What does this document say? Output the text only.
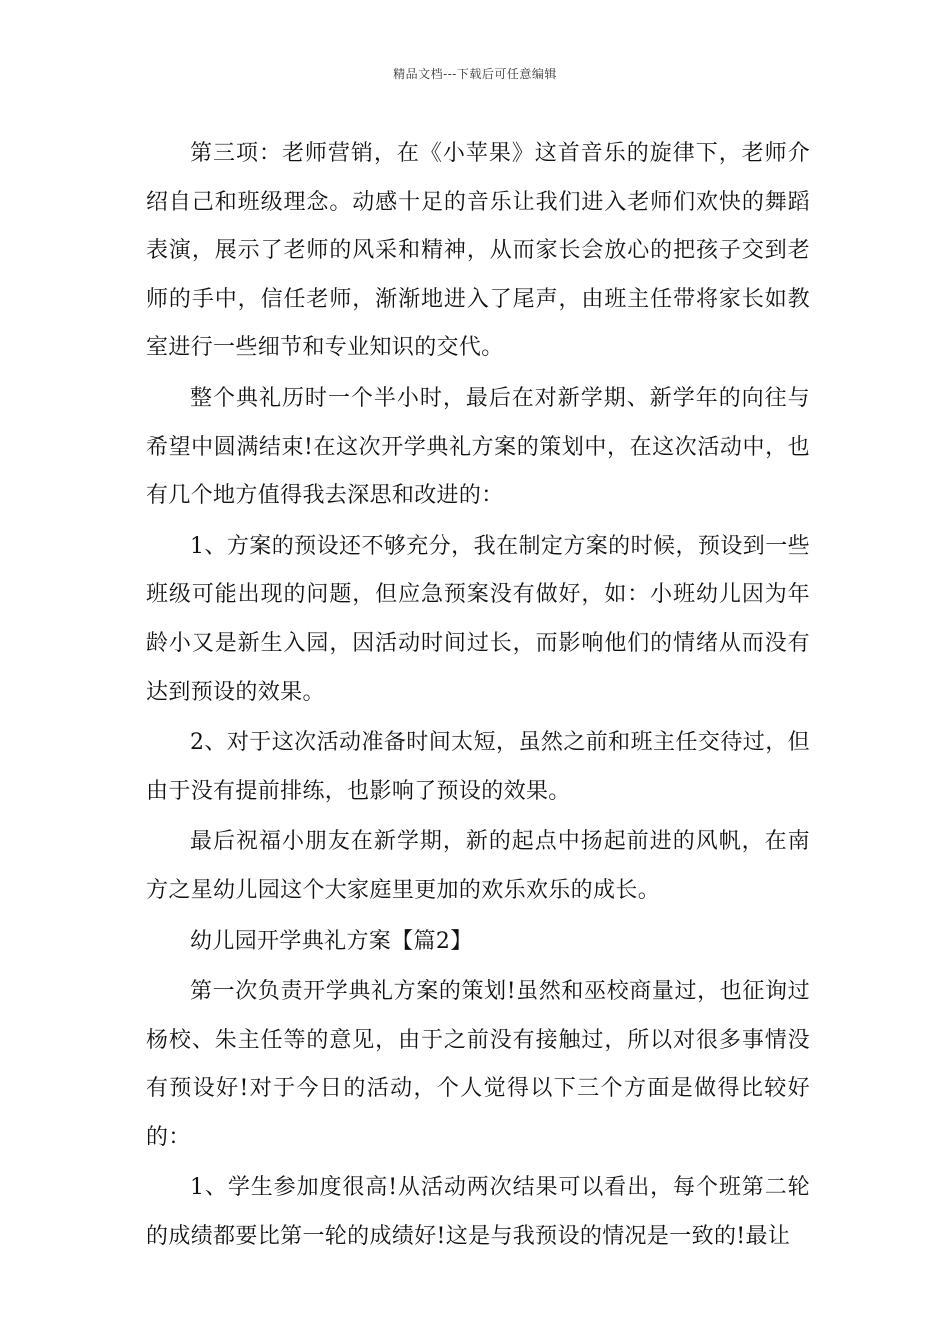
精品文档---下载后可任意编辑

第三项：老师营销，在《小苹果》这首音乐的旋律下，老师介绍自己和班级理念。动感十足的音乐让我们进入老师们欢快的舞蹈表演，展示了老师的风采和精神，从而家长会放心的把孩子交到老师的手中，信任老师，渐渐地进入了尾声，由班主任带将家长如教室进行一些细节和专业知识的交代。

整个典礼历时一个半小时，最后在对新学期、新学年的向往与希望中圆满结束!在这次开学典礼方案的策划中，在这次活动中，也有几个地方值得我去深思和改进的：

1、方案的预设还不够充分，我在制定方案的时候，预设到一些班级可能出现的问题，但应急预案没有做好，如：小班幼儿因为年龄小又是新生入园，因活动时间过长，而影响他们的情绪从而没有达到预设的效果。

2、对于这次活动准备时间太短，虽然之前和班主任交待过，但由于没有提前排练，也影响了预设的效果。

最后祝福小朋友在新学期，新的起点中扬起前进的风帆，在南方之星幼儿园这个大家庭里更加的欢乐欢乐的成长。

幼儿园开学典礼方案【篇2】

第一次负责开学典礼方案的策划!虽然和巫校商量过，也征询过杨校、朱主任等的意见，由于之前没有接触过，所以对很多事情没有预设好!对于今日的活动，个人觉得以下三个方面是做得比较好的：

1、学生参加度很高!从活动两次结果可以看出，每个班第二轮的成绩都要比第一轮的成绩好!这是与我预设的情况是一致的!最让
